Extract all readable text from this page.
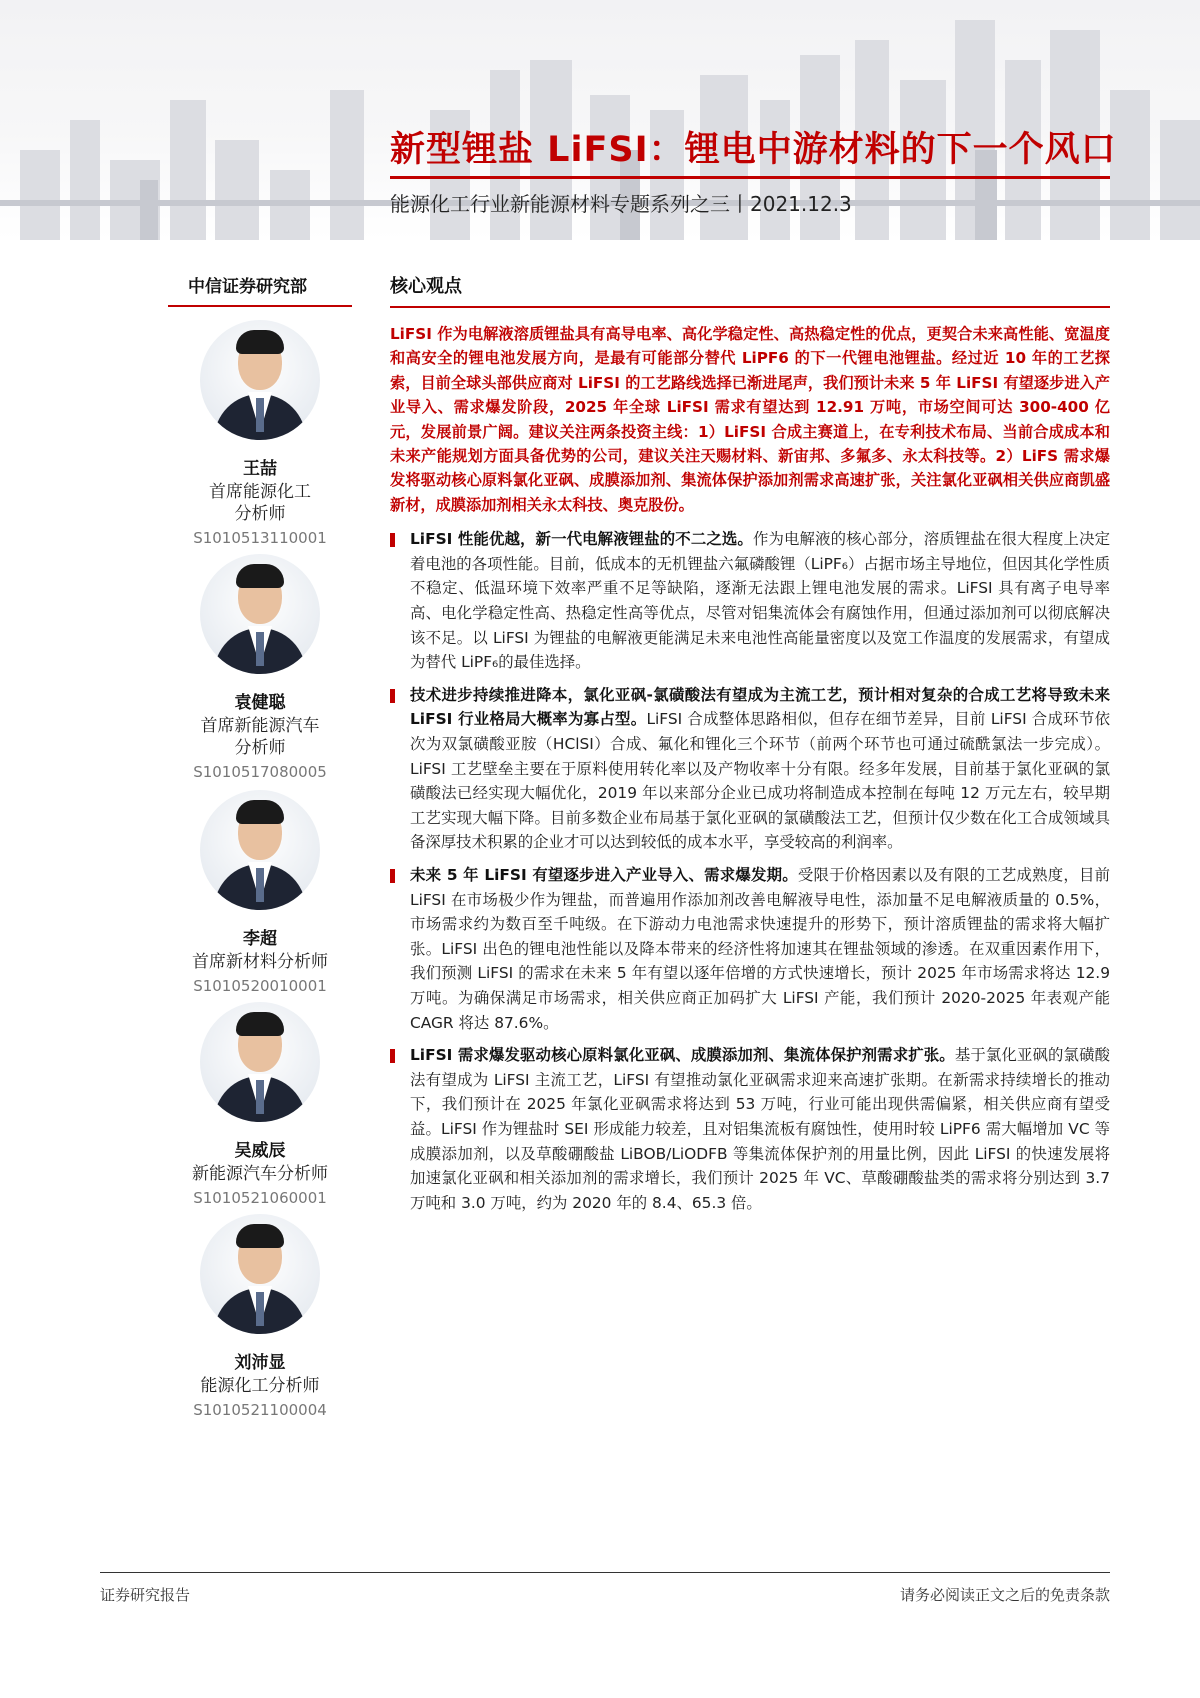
新型锂盐 LiFSI：锂电中游材料的下一个风口
能源化工行业新能源材料专题系列之三丨2021.12.3
中信证券研究部
王喆
首席能源化工
分析师
S1010513110001
袁健聪
首席新能源汽车
分析师
S1010517080005
李超
首席新材料分析师
S1010520010001
吴威辰
新能源汽车分析师
S1010521060001
刘沛显
能源化工分析师
S1010521100004
核心观点
LiFSI 作为电解液溶质锂盐具有高导电率、高化学稳定性、高热稳定性的优点，更契合未来高性能、宽温度和高安全的锂电池发展方向，是最有可能部分替代 LiPF6 的下一代锂电池锂盐。经过近 10 年的工艺探索，目前全球头部供应商对 LiFSI 的工艺路线选择已渐进尾声，我们预计未来 5 年 LiFSI 有望逐步进入产业导入、需求爆发阶段，2025 年全球 LiFSI 需求有望达到 12.91 万吨，市场空间可达 300-400 亿元，发展前景广阔。建议关注两条投资主线：1）LiFSI 合成主赛道上，在专利技术布局、当前合成成本和未来产能规划方面具备优势的公司，建议关注天赐材料、新宙邦、多氟多、永太科技等。2）LiFS 需求爆发将驱动核心原料氯化亚砜、成膜添加剂、集流体保护添加剂需求高速扩张，关注氯化亚砜相关供应商凯盛新材，成膜添加剂相关永太科技、奥克股份。
LiFSI 性能优越，新一代电解液锂盐的不二之选。作为电解液的核心部分，溶质锂盐在很大程度上决定着电池的各项性能。目前，低成本的无机锂盐六氟磷酸锂（LiPF₆）占据市场主导地位，但因其化学性质不稳定、低温环境下效率严重不足等缺陷，逐渐无法跟上锂电池发展的需求。LiFSI 具有离子电导率高、电化学稳定性高、热稳定性高等优点，尽管对铝集流体会有腐蚀作用，但通过添加剂可以彻底解决该不足。以 LiFSI 为锂盐的电解液更能满足未来电池性高能量密度以及宽工作温度的发展需求，有望成为替代 LiPF₆的最佳选择。
技术进步持续推进降本，氯化亚砜-氯磺酸法有望成为主流工艺，预计相对复杂的合成工艺将导致未来 LiFSI 行业格局大概率为寡占型。LiFSI 合成整体思路相似，但存在细节差异，目前 LiFSI 合成环节依次为双氯磺酸亚胺（HClSI）合成、氟化和锂化三个环节（前两个环节也可通过硫酰氯法一步完成）。LiFSI 工艺壁垒主要在于原料使用转化率以及产物收率十分有限。经多年发展，目前基于氯化亚砜的氯磺酸法已经实现大幅优化，2019 年以来部分企业已成功将制造成本控制在每吨 12 万元左右，较早期工艺实现大幅下降。目前多数企业布局基于氯化亚砜的氯磺酸法工艺，但预计仅少数在化工合成领域具备深厚技术积累的企业才可以达到较低的成本水平，享受较高的利润率。
未来 5 年 LiFSI 有望逐步进入产业导入、需求爆发期。受限于价格因素以及有限的工艺成熟度，目前 LiFSI 在市场极少作为锂盐，而普遍用作添加剂改善电解液导电性，添加量不足电解液质量的 0.5%，市场需求约为数百至千吨级。在下游动力电池需求快速提升的形势下，预计溶质锂盐的需求将大幅扩张。LiFSI 出色的锂电池性能以及降本带来的经济性将加速其在锂盐领域的渗透。在双重因素作用下，我们预测 LiFSI 的需求在未来 5 年有望以逐年倍增的方式快速增长，预计 2025 年市场需求将达 12.9 万吨。为确保满足市场需求，相关供应商正加码扩大 LiFSI 产能，我们预计 2020-2025 年表观产能 CAGR 将达 87.6%。
LiFSI 需求爆发驱动核心原料氯化亚砜、成膜添加剂、集流体保护剂需求扩张。基于氯化亚砜的氯磺酸法有望成为 LiFSI 主流工艺，LiFSI 有望推动氯化亚砜需求迎来高速扩张期。在新需求持续增长的推动下，我们预计在 2025 年氯化亚砜需求将达到 53 万吨，行业可能出现供需偏紧，相关供应商有望受益。LiFSI 作为锂盐时 SEI 形成能力较差，且对铝集流板有腐蚀性，使用时较 LiPF6 需大幅增加 VC 等成膜添加剂，以及草酸硼酸盐 LiBOB/LiODFB 等集流体保护剂的用量比例，因此 LiFSI 的快速发展将加速氯化亚砜和相关添加剂的需求增长，我们预计 2025 年 VC、草酸硼酸盐类的需求将分别达到 3.7 万吨和 3.0 万吨，约为 2020 年的 8.4、65.3 倍。
证券研究报告	请务必阅读正文之后的免责条款
